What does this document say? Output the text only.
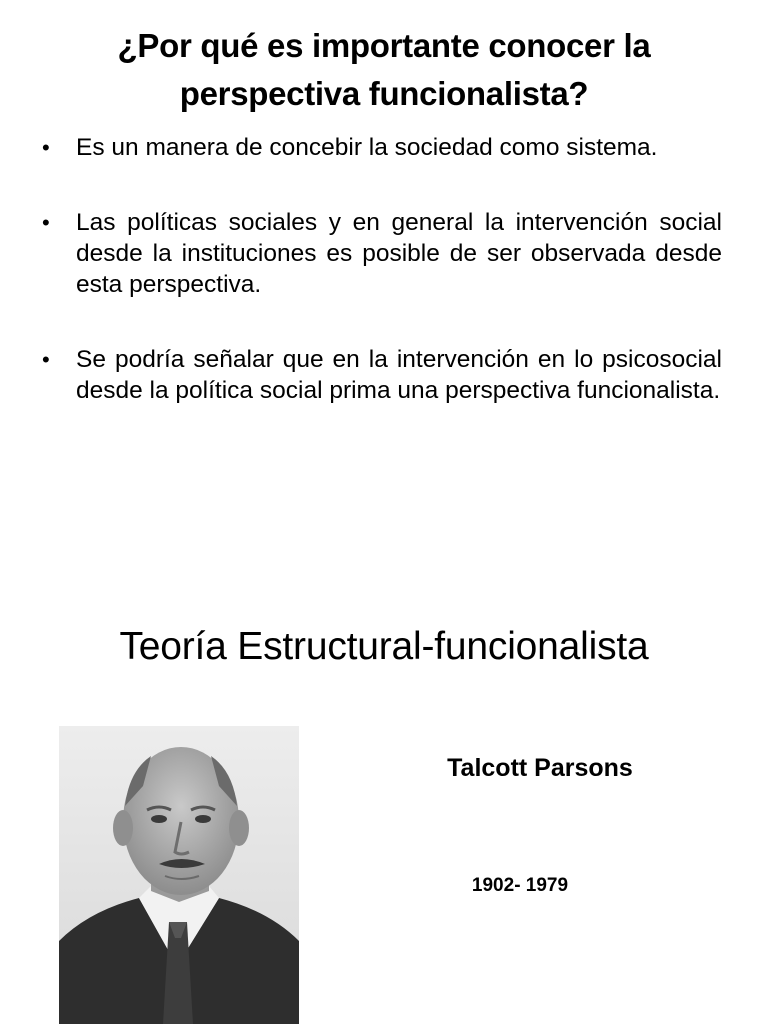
¿Por qué es importante conocer la perspectiva funcionalista?
• Es un manera de concebir la sociedad como sistema.
• Las políticas sociales y en general la intervención social desde la instituciones es posible de ser observada desde esta perspectiva.
• Se podría señalar que en la intervención en lo psicosocial desde la política social prima una perspectiva funcionalista.
Teoría Estructural-funcionalista
Talcott Parsons
1902- 1979
